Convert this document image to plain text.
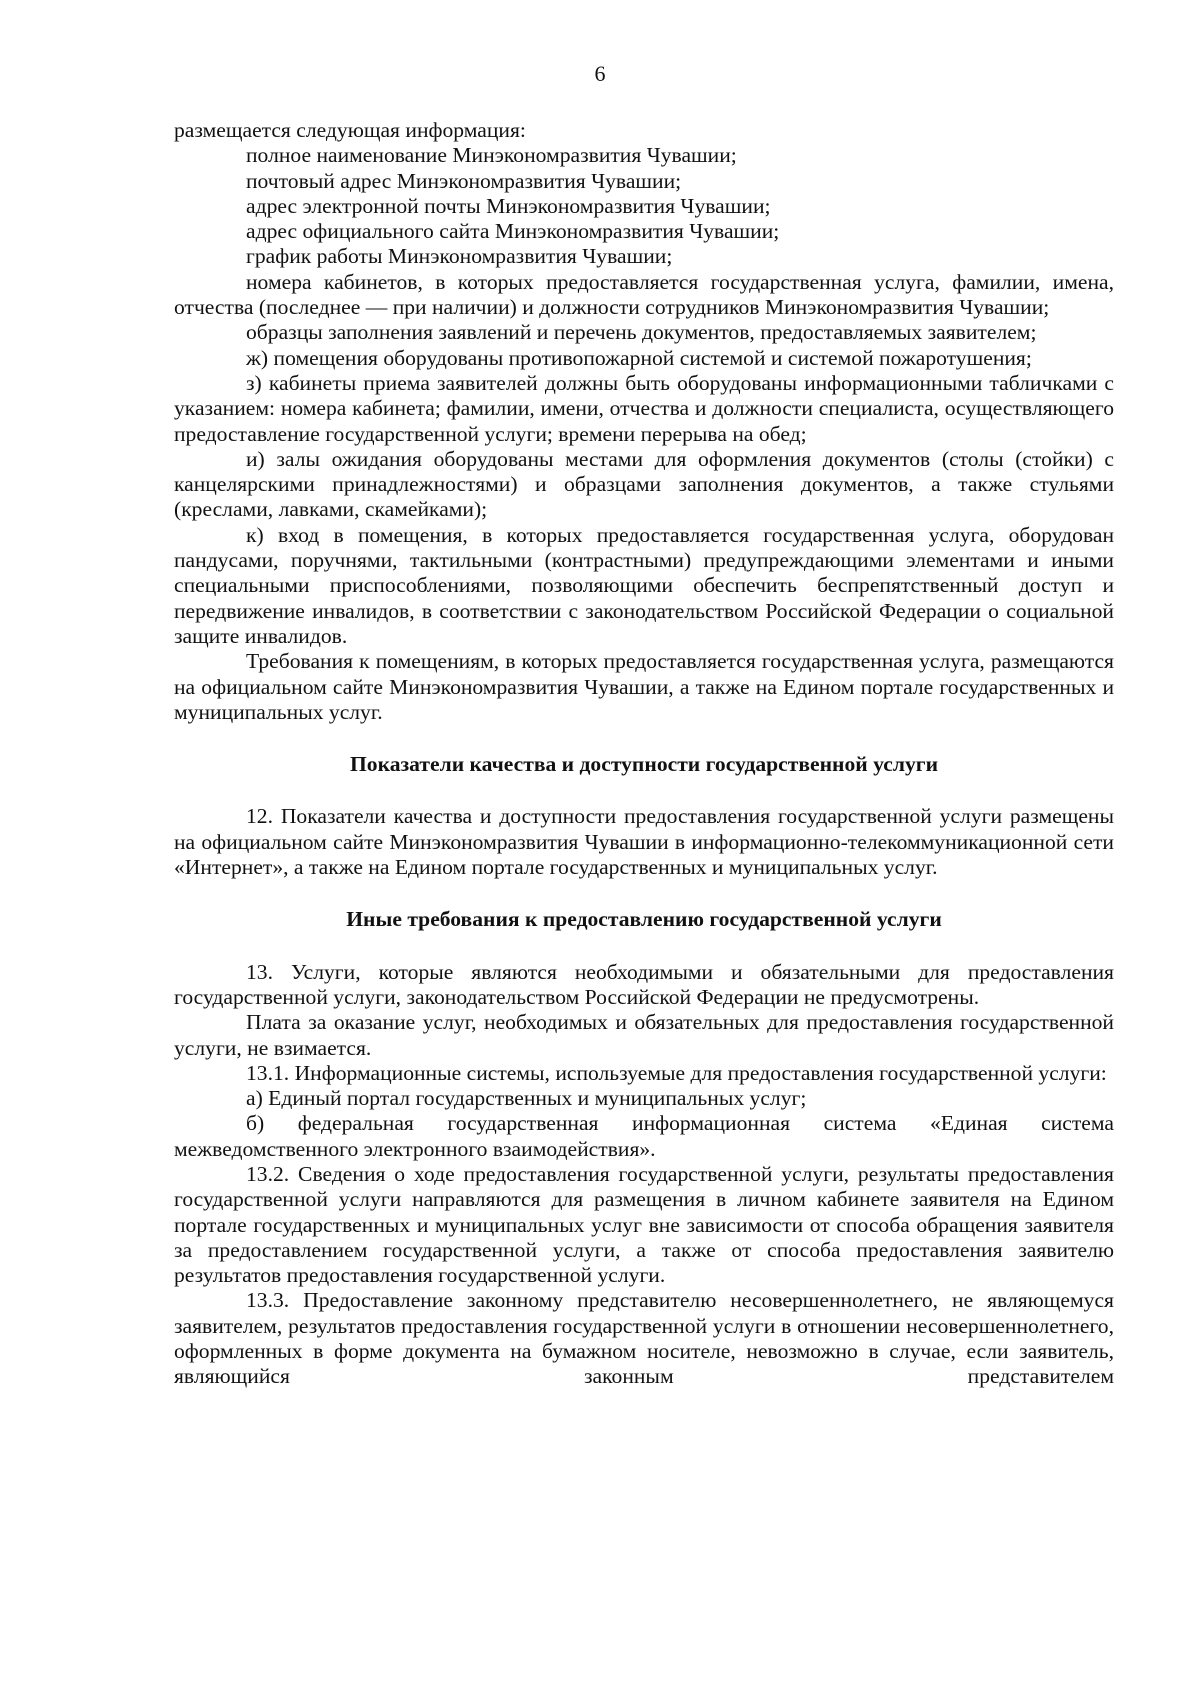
6

размещается следующая информация:

полное наименование Минэкономразвития Чувашии;

почтовый адрес Минэкономразвития Чувашии;

адрес электронной почты Минэкономразвития Чувашии;

адрес официального сайта Минэкономразвития Чувашии;

график работы Минэкономразвития Чувашии;

номера кабинетов, в которых предоставляется государственная услуга, фамилии, имена, отчества (последнее — при наличии) и должности сотрудников Минэкономразвития Чувашии;

образцы заполнения заявлений и перечень документов, предоставляемых заявителем;

ж) помещения оборудованы противопожарной системой и системой пожаротушения;

з) кабинеты приема заявителей должны быть оборудованы информационными табличками с указанием: номера кабинета; фамилии, имени, отчества и должности специалиста, осуществляющего предоставление государственной услуги; времени перерыва на обед;

и) залы ожидания оборудованы местами для оформления документов (столы (стойки) с канцелярскими принадлежностями) и образцами заполнения документов, а также стульями (креслами, лавками, скамейками);

к) вход в помещения, в которых предоставляется государственная услуга, оборудован пандусами, поручнями, тактильными (контрастными) предупреждающими элементами и иными специальными приспособлениями, позволяющими обеспечить беспрепятственный доступ и передвижение инвалидов, в соответствии с законодательством Российской Федерации о социальной защите инвалидов.

Требования к помещениям, в которых предоставляется государственная услуга, размещаются на официальном сайте Минэкономразвития Чувашии, а также на Едином портале государственных и муниципальных услуг.

Показатели качества и доступности государственной услуги

12. Показатели качества и доступности предоставления государственной услуги размещены на официальном сайте Минэкономразвития Чувашии в информационно-телекоммуникационной сети «Интернет», а также на Едином портале государственных и муниципальных услуг.

Иные требования к предоставлению государственной услуги

13. Услуги, которые являются необходимыми и обязательными для предоставления государственной услуги, законодательством Российской Федерации не предусмотрены.

Плата за оказание услуг, необходимых и обязательных для предоставления государственной услуги, не взимается.

13.1. Информационные системы, используемые для предоставления государственной услуги:

а) Единый портал государственных и муниципальных услуг;

б) федеральная государственная информационная система «Единая система межведомственного электронного взаимодействия».

13.2. Сведения о ходе предоставления государственной услуги, результаты предоставления государственной услуги направляются для размещения в личном кабинете заявителя на Едином портале государственных и муниципальных услуг вне зависимости от способа обращения заявителя за предоставлением государственной услуги, а также от способа предоставления заявителю результатов предоставления государственной услуги.

13.3. Предоставление законному представителю несовершеннолетнего, не являющемуся заявителем, результатов предоставления государственной услуги в отношении несовершеннолетнего, оформленных в форме документа на бумажном носителе, невозможно в случае, если заявитель, являющийся законным представителем
